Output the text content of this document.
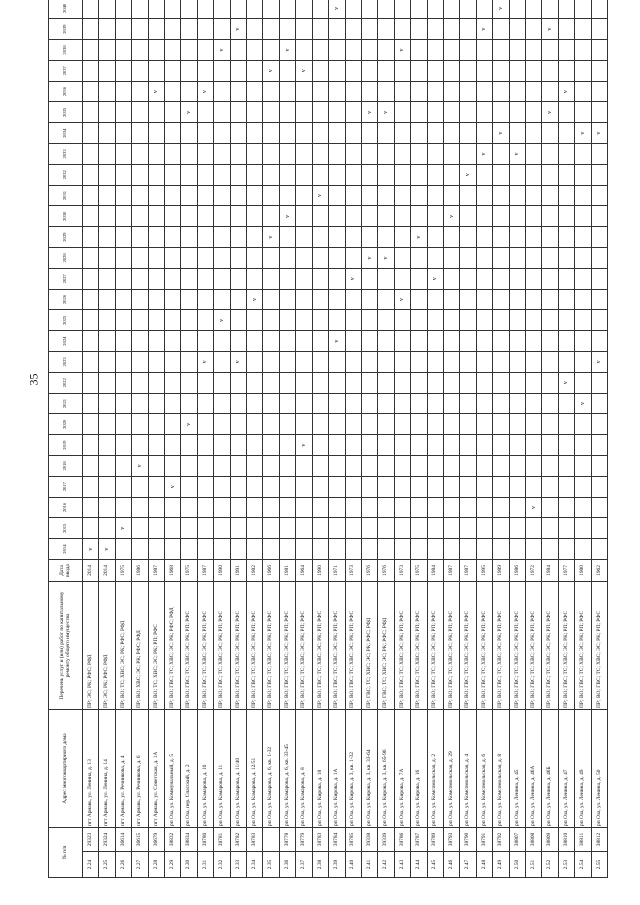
35
№ п/п		Адрес многоквартирного дома	Перечень услуг и (или) работ по капитальному ремонту общего имущества	Дата ввода	2014	2015	2016	2017	2018	2019	2020	2021	2022	2023	2024	2025	2026	2027	2028	2029	2030	2031	2032	2033	2034	2035	2036	2037	2038	2039	2040				
2.24	29323	пгт Арнавь, ул. Ленина, д. 13	ПР; ЭС; РК; РФС; РФД	2014	v																														
2.25	29324	пгт Арнавь, ул. Ленина, д. 14	ПР; ЭС; РК; РФС; РФД	2014	v																														
2.26	36614	пгт Арнавь, ул. Речникова, д. 4	ПР; ВО; ТС; ХВС; ЭС; РК; РФС; РФД	1975		v																													
2.27	36615	пгт Арнавь, ул. Речникова, д. 6	ПР; ВО; ХВС; ЭС; РК; РФС; РФД	1986					v																										
2.28	36679	пгт Арнавь, ул. Советская, д. 1А	ПР; ВО; ТС; ХВС; ЭС; РК; РП; РФС	1987																							v								
2.29	38832	рп Оза, ул. Коммунальный, д. 5	ПР; ВО; ГВС; ТС; ХВС; ЭС; РК; РФС; РФД	1968				v																											
2.30	38834	рп Оза, пер. Спасский, д. 2	ПР; ВО; ГВС; ТС; ХВС; ЭС; РК; РП; РФС	1975							v															v									
2.31	38780	рп Оза, ул. Камарова, д. 10	ПР; ВО; ГВС; ТС; ХВС; ЭС; РК; РП; РФС	1987										v													v								
2.32	38781	рп Оза, ул. Камарова, д. 11	ПР; ВО; ГВС; ТС; ХВС; ЭС; РК; РП; РФС	1990												v													v						
2.33	38782	рп Оза, ул. Камарова, д. 11/40	ПР; ВО; ГВС; ТС; ХВС; ЭС; РК; РП; РФС	1991										v																v					
2.34	38783	рп Оза, ул. Камарова, д. 12/51	ПР; ВО; ГВС; ТС; ХВС; ЭС; РК; РП; РФС	1982													v																		
2.35		рп Оза, ул. Камарова, д. 6, кв. 1-32	ПР; ВО; ГВС; ТС; ХВС; ЭС; РК; РП; РФС	1966																v								v							
2.36	38778	рп Оза, ул. Камарова, д. 6, кв. 33-45	ПР; ВО; ГВС; ТС; ХВС; ЭС; РК; РП; РФС	1981																	v								v						
2.37	38779	рп Оза, ул. Камарова, д. 8	ПР; ВО; ГВС; ТС; ХВС; ЭС; РК; РП; РФС	1964						v																		v							
2.38	38783	рп Оза, ул. Кирова, д. 18	ПР; ВО; ГВС; ТС; ХВС; ЭС; РК; РП; РФС	1990																		v													
2.39	38784	рп Оза, ул. Кирова, д. 1А	ПР; ВО; ГВС; ТС; ХВС; ЭС; РК; РП; РФС	1971											v																v				
2.40	38785	рп Оза, ул. Кирова, д. 3, кв. 1-32	ПР; ВО; ГВС; ТС; ХВС; ЭС; РК; РП; РФС	1973														v																	
2.41	39338	рп Оза, ул. Кирова, д. 3, кв. 33-64	ПР; ГВС; ТС; ХВС; ЭС; РК; РФС; РФД	1976															v							v									
2.42	39339	рп Оза, ул. Кирова, д. 3, кв. 65-96	ПР; ГВС; ТС; ХВС; ЭС; РК; РФС; РФД	1976															v							v									
2.43	38786	рп Оза, ул. Кирова, д. 7А	ПР; ВО; ГВС; ТС; ХВС; ЭС; РК; РП; РФС	1973													v												v						
2.44	38787	рп Оза, ул. Кирова, д. 16	ПР; ВО; ГВС; ТС; ХВС; ЭС; РК; РП; РФС	1975																v															
2.45	38789	рп Оза, ул. Комсомольская, д. 2	ПР; ВО; ГВС; ТС; ХВС; ЭС; РК; РП; РФС	1984														v																	
2.46	38793	рп Оза, ул. Комсомольская, д. 29	ПР; ВО; ГВС; ТС; ХВС; ЭС; РК; РП; РФС	1987																	v														
2.47	38790	рп Оза, ул. Комсомольская, д. 4	ПР; ВО; ГВС; ТС; ХВС; ЭС; РК; РП; РФС	1987																			v												
2.48	38791	рп Оза, ул. Комсомольская, д. 6	ПР; ВО; ГВС; ТС; ХВС; ЭС; РК; РП; РФС	1995																				v						v					
2.49	38792	рп Оза, ул. Комсомольская, д. 8	ПР; ВО; ГВС; ТС; ХВС; ЭС; РК; РП; РФС	1989																					v						v				
2.50	38807	рп Оза, ул. Ленина, д. 45	ПР; ВО; ГВС; ТС; ХВС; ЭС; РК; РП; РФС	1986																				v											
2.51	38808	рп Оза, ул. Ленина, д. 46А	ПР; ВО; ГВС; ТС; ХВС; ЭС; РК; РП; РФС	1972			v																												
2.52	38809	рп Оза, ул. Ленина, д. 46Б	ПР; ВО; ГВС; ТС; ХВС; ЭС; РК; РП; РФС	1984																						v				v					
2.53	38810	рп Оза, ул. Ленина, д. 47	ПР; ВО; ГВС; ТС; ХВС; ЭС; РК; РП; РФС	1977									v														v								
2.54	38811	рп Оза, ул. Ленина, д. 49	ПР; ВО; ГВС; ТС; ХВС; ЭС; РК; РП; РФС	1980								v													v										
2.55	38812	рп Оза, ул. Ленина, д. 50	ПР; ВО; ГВС; ТС; ХВС; ЭС; РК; РП; РФС	1962										v											v										
